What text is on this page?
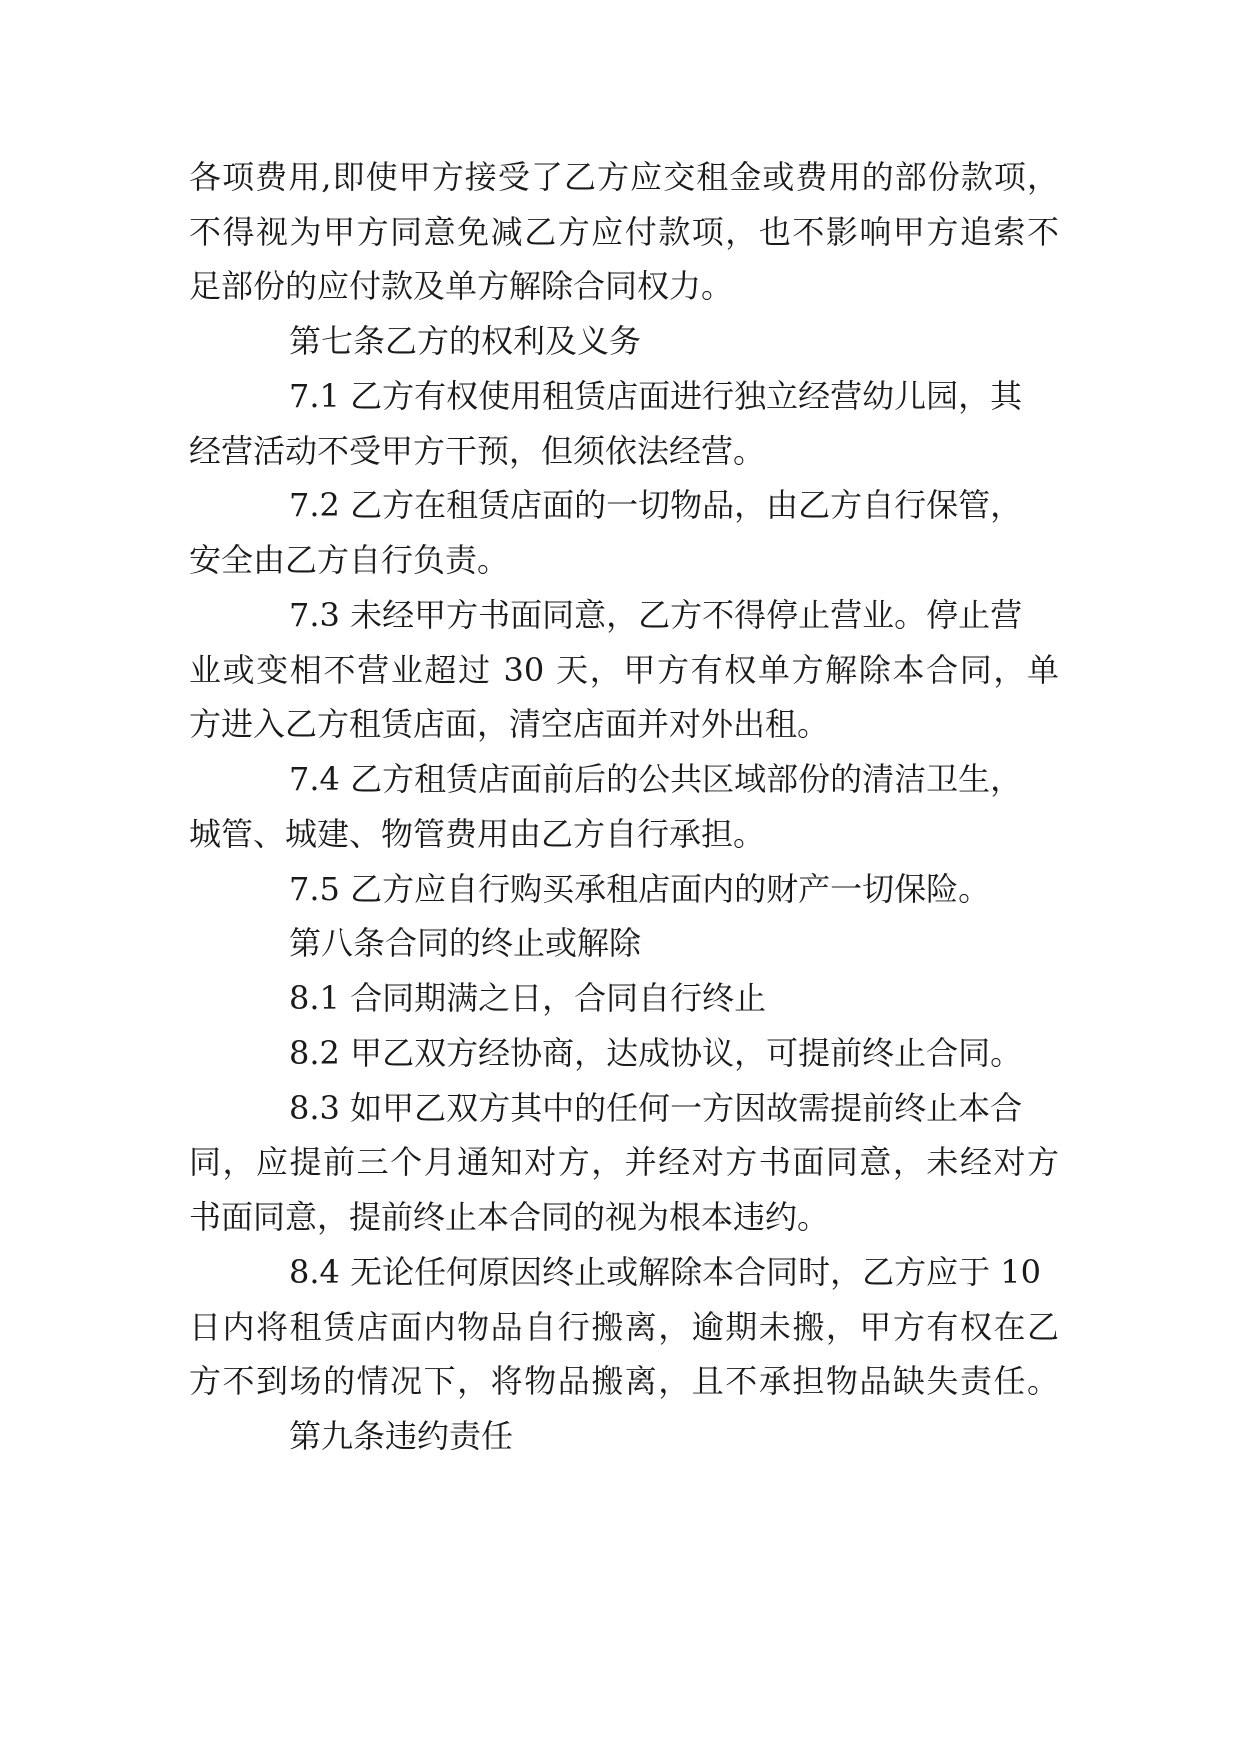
各项费用,即使甲方接受了乙方应交租金或费用的部份款项，
不得视为甲方同意免减乙方应付款项，也不影响甲方追索不
足部份的应付款及单方解除合同权力。
第七条乙方的权利及义务
7.1 乙方有权使用租赁店面进行独立经营幼儿园，其
经营活动不受甲方干预，但须依法经营。
7.2 乙方在租赁店面的一切物品，由乙方自行保管，
安全由乙方自行负责。
7.3 未经甲方书面同意，乙方不得停止营业。停止营
业或变相不营业超过 30 天，甲方有权单方解除本合同，单
方进入乙方租赁店面，清空店面并对外出租。
7.4 乙方租赁店面前后的公共区域部份的清洁卫生，
城管、城建、物管费用由乙方自行承担。
7.5 乙方应自行购买承租店面内的财产一切保险。
第八条合同的终止或解除
8.1 合同期满之日，合同自行终止
8.2 甲乙双方经协商，达成协议，可提前终止合同。
8.3 如甲乙双方其中的任何一方因故需提前终止本合
同，应提前三个月通知对方，并经对方书面同意，未经对方
书面同意，提前终止本合同的视为根本违约。
8.4 无论任何原因终止或解除本合同时，乙方应于 10
日内将租赁店面内物品自行搬离，逾期未搬，甲方有权在乙
方不到场的情况下，将物品搬离，且不承担物品缺失责任。
第九条违约责任
